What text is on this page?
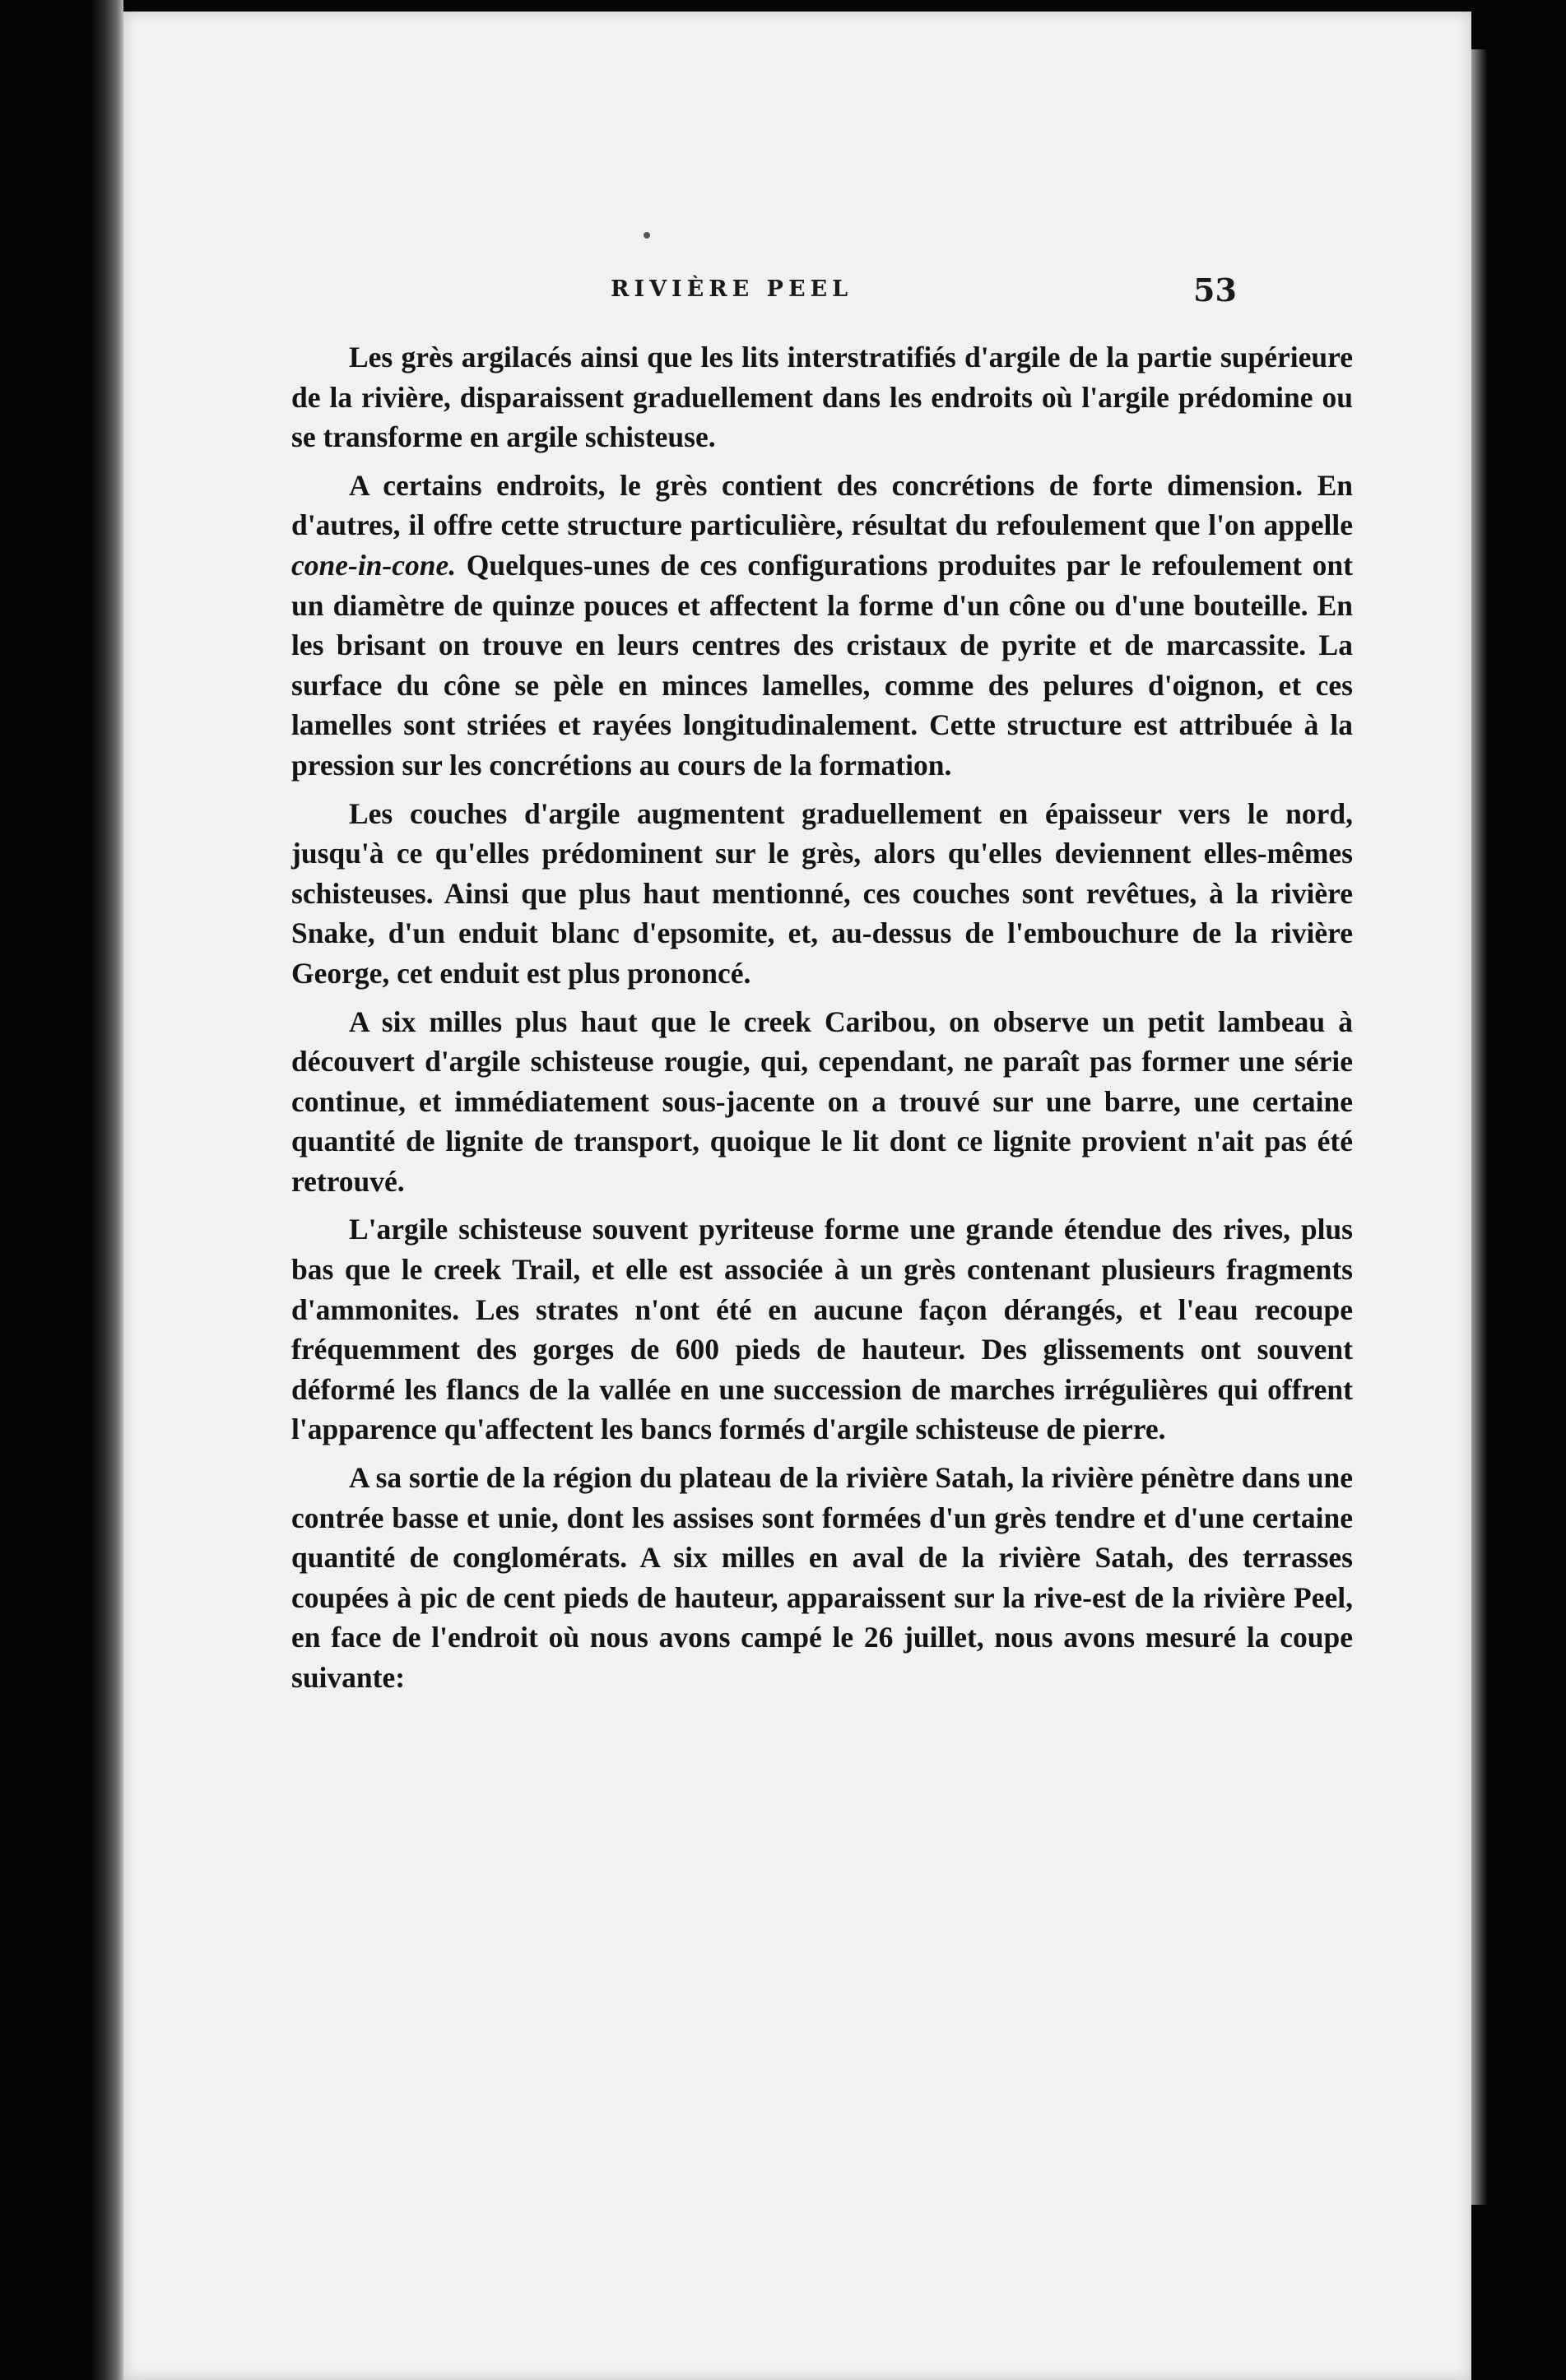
RIVIÈRE PEEL	53

Les grès argilacés ainsi que les lits interstratifiés d'argile de la partie supérieure de la rivière, disparaissent graduellement dans les endroits où l'argile prédomine ou se transforme en argile schisteuse.

A certains endroits, le grès contient des concrétions de forte dimension. En d'autres, il offre cette structure particulière, résultat du refoulement que l'on appelle cone-in-cone. Quelques-unes de ces configurations produites par le refoulement ont un diamètre de quinze pouces et affectent la forme d'un cône ou d'une bouteille. En les brisant on trouve en leurs centres des cristaux de pyrite et de marcassite. La surface du cône se pèle en minces lamelles, comme des pelures d'oignon, et ces lamelles sont striées et rayées longitudinalement. Cette structure est attribuée à la pression sur les concrétions au cours de la formation.

Les couches d'argile augmentent graduellement en épaisseur vers le nord, jusqu'à ce qu'elles prédominent sur le grès, alors qu'elles deviennent elles-mêmes schisteuses. Ainsi que plus haut mentionné, ces couches sont revêtues, à la rivière Snake, d'un enduit blanc d'epsomite, et, au-dessus de l'embouchure de la rivière George, cet enduit est plus prononcé.

A six milles plus haut que le creek Caribou, on observe un petit lambeau à découvert d'argile schisteuse rougie, qui, cependant, ne paraît pas former une série continue, et immédiatement sous-jacente on a trouvé sur une barre, une certaine quantité de lignite de transport, quoique le lit dont ce lignite provient n'ait pas été retrouvé.

L'argile schisteuse souvent pyriteuse forme une grande étendue des rives, plus bas que le creek Trail, et elle est associée à un grès contenant plusieurs fragments d'ammonites. Les strates n'ont été en aucune façon dérangés, et l'eau recoupe fréquemment des gorges de 600 pieds de hauteur. Des glissements ont souvent déformé les flancs de la vallée en une succession de marches irrégulières qui offrent l'apparence qu'affectent les bancs formés d'argile schisteuse de pierre.

A sa sortie de la région du plateau de la rivière Satah, la rivière pénètre dans une contrée basse et unie, dont les assises sont formées d'un grès tendre et d'une certaine quantité de conglomérats. A six milles en aval de la rivière Satah, des terrasses coupées à pic de cent pieds de hauteur, apparaissent sur la rive-est de la rivière Peel, en face de l'endroit où nous avons campé le 26 juillet, nous avons mesuré la coupe suivante:
